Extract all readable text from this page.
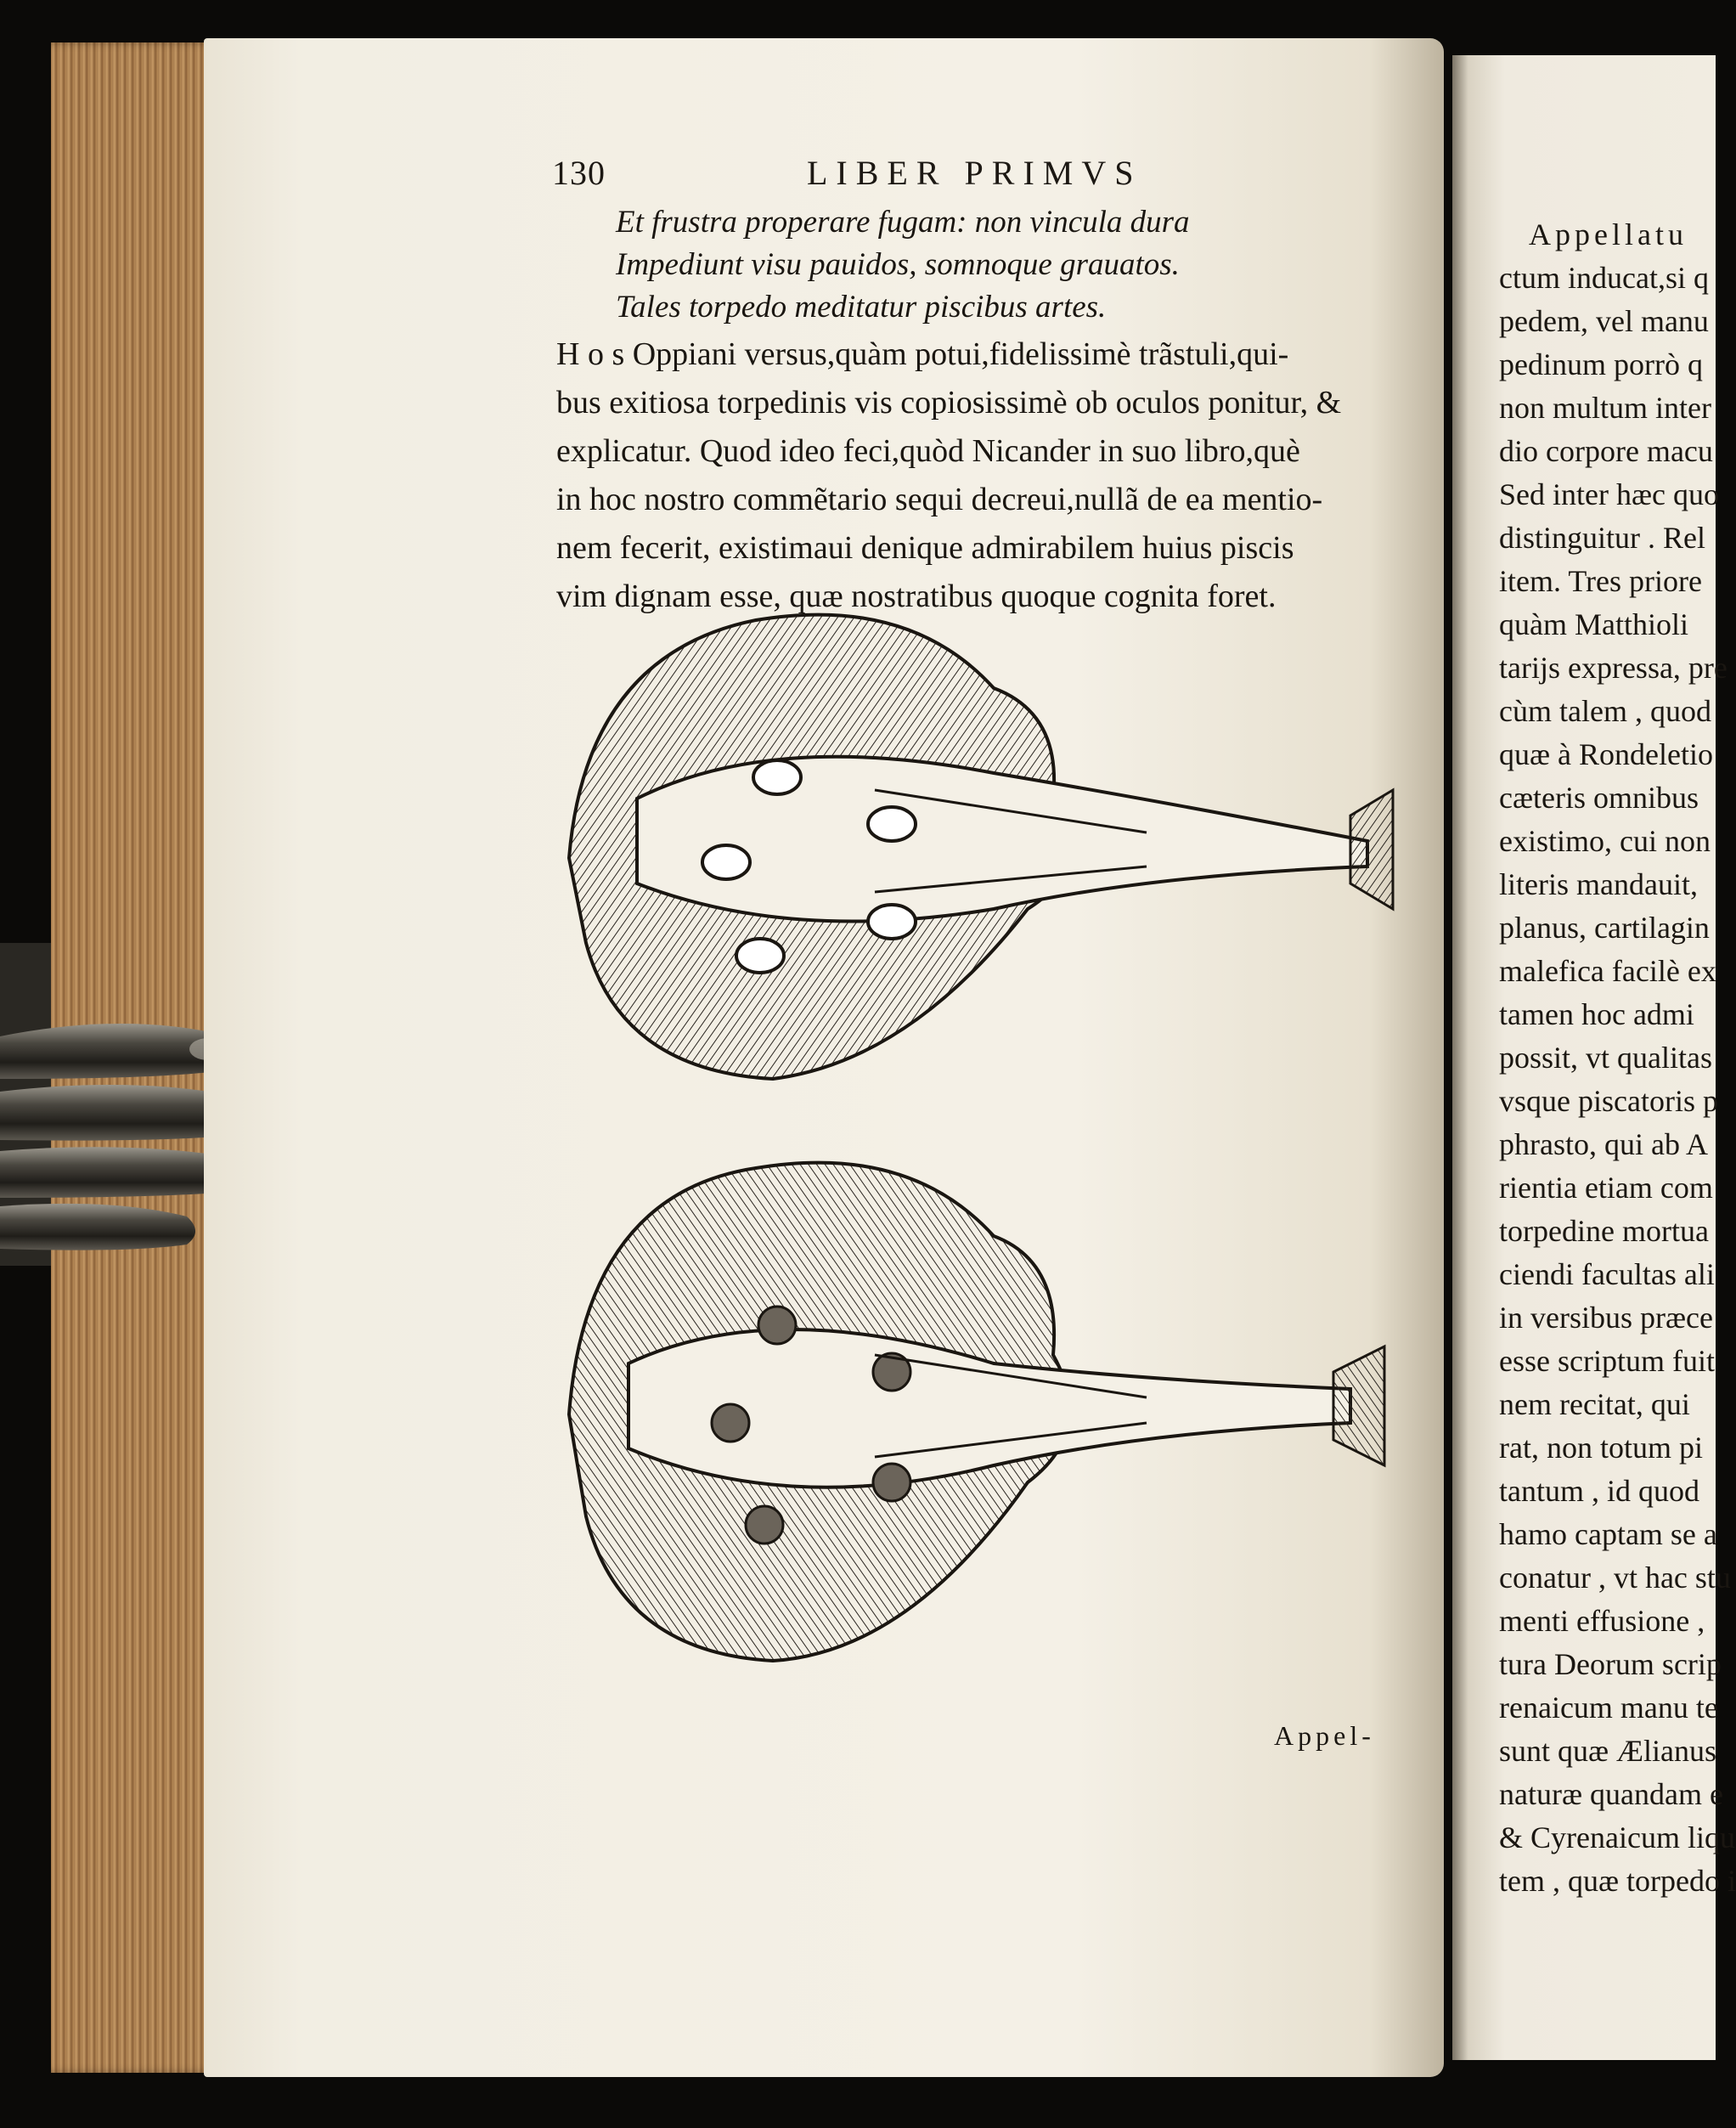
130	LIBER PRIMVS
Et frustra properare fugam: non vincula dura
Impediunt visu pauidos, somnoque grauatos.
Tales torpedo meditatur piscibus artes.
H o s Oppiani versus,quàm potui,fidelissimè trãstuli,qui-
bus exitiosa torpedinis vis copiosissimè ob oculos ponitur, &
explicatur. Quod ideo feci,quòd Nicander in suo libro,què
in hoc nostro commẽtario sequi decreui,nullã de ea mentio-
nem fecerit, existimaui denique admirabilem huius piscis
vim dignam esse, quæ nostratibus quoque cognita foret.
Appel-
Appellatu
ctum inducat,si q
pedem, vel manu
pedinum porrò q
non multum inter
dio corpore macu
Sed inter hæc quo
distinguitur . Rel
item. Tres priore
quàm Matthioli
tarijs expressa, pre
cùm talem , quod
quæ à Rondeletio
cæteris omnibus
existimo, cui non
literis mandauit,
planus, cartilagin
malefica facilè ex
tamen hoc admi
possit, vt qualitas
vsque piscatoris p
phrasto, qui ab A
rientia etiam com
torpedine mortua
ciendi facultas ali
in versibus præce
esse scriptum fuit
nem recitat, qui
rat, non totum pi
tantum , id quod
hamo captam se a
conatur , vt hac stu
menti effusione ,
tura Deorum scrip
renaicum manu te
sunt quæ Ælianus
naturæ quandam e
& Cyrenaicum liqu
tem , quæ torpedo i
